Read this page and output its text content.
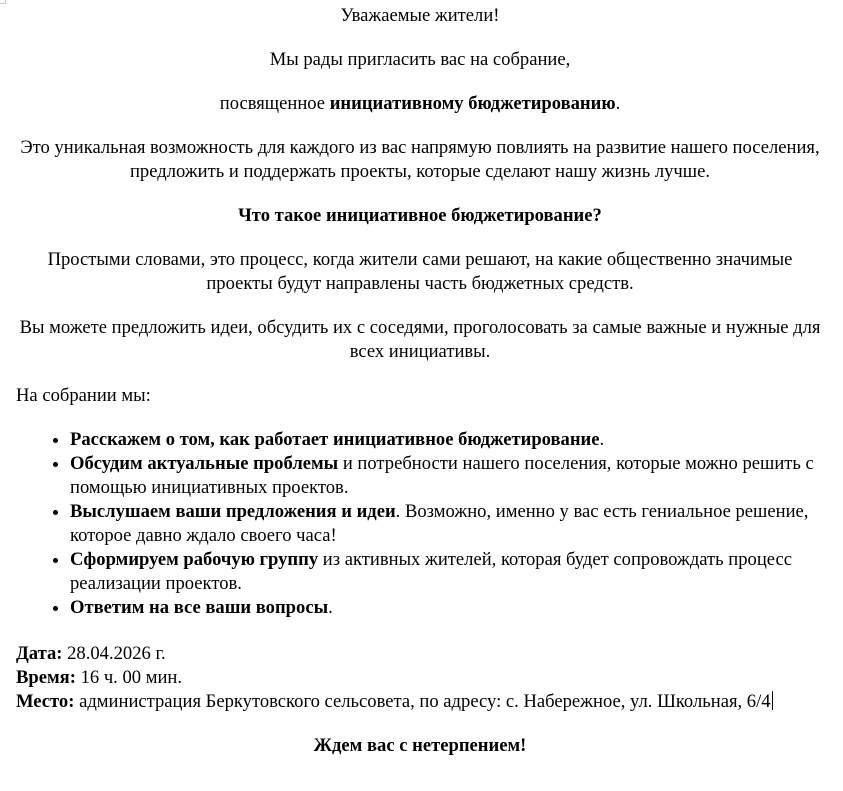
Уважаемые жители!

Мы рады пригласить вас на собрание,

посвященное инициативному бюджетированию.

Это уникальная возможность для каждого из вас напрямую повлиять на развитие нашего поселения, предложить и поддержать проекты, которые сделают нашу жизнь лучше.

Что такое инициативное бюджетирование?

Простыми словами, это процесс, когда жители сами решают, на какие общественно значимые проекты будут направлены часть бюджетных средств.

Вы можете предложить идеи, обсудить их с соседями, проголосовать за самые важные и нужные для всех инициативы.

На собрании мы:

• Расскажем о том, как работает инициативное бюджетирование.
• Обсудим актуальные проблемы и потребности нашего поселения, которые можно решить с помощью инициативных проектов.
• Выслушаем ваши предложения и идеи. Возможно, именно у вас есть гениальное решение, которое давно ждало своего часа!
• Сформируем рабочую группу из активных жителей, которая будет сопровождать процесс реализации проектов.
• Ответим на все ваши вопросы.

Дата: 28.04.2026 г.

Время: 16 ч. 00 мин.

Место: администрация Беркутовского сельсовета, по адресу: с. Набережное, ул. Школьная, 6/4

Ждем вас с нетерпением!
